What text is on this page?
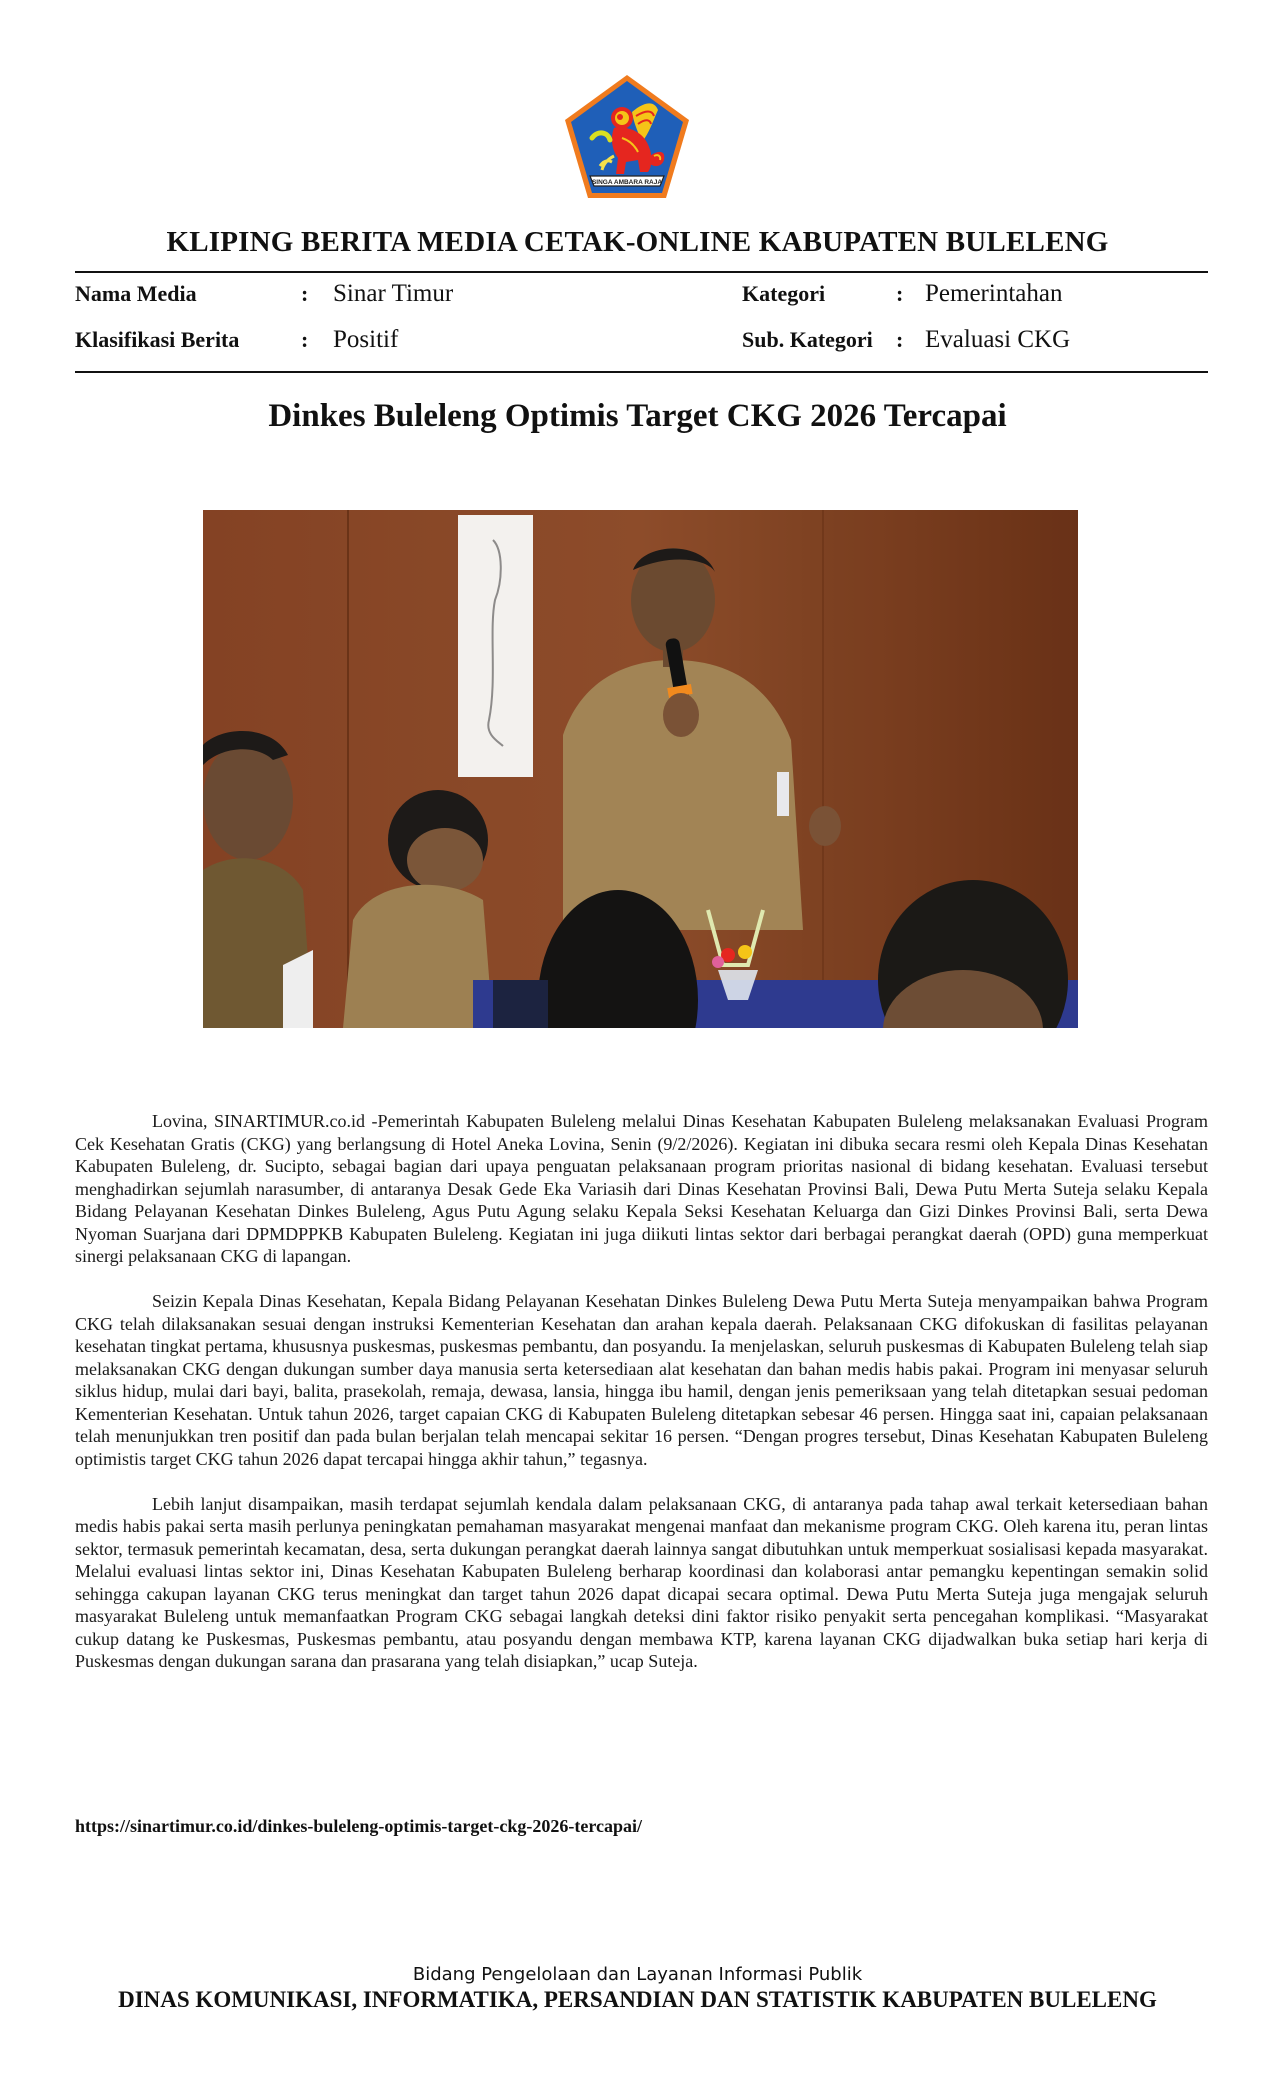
SINGA AMBARA RAJA
KLIPING BERITA MEDIA CETAK-ONLINE KABUPATEN BULELENG
Nama Media	: Sinar Timur
Klasifikasi Berita	: Positif
Kategori	: Pemerintahan
Sub. Kategori : Evaluasi CKG
Dinkes Buleleng Optimis Target CKG 2026 Tercapai

Lovina, SINARTIMUR.co.id -Pemerintah Kabupaten Buleleng melalui Dinas Kesehatan Kabupaten Buleleng melaksanakan Evaluasi Program Cek Kesehatan Gratis (CKG) yang berlangsung di Hotel Aneka Lovina, Senin (9/2/2026). Kegiatan ini dibuka secara resmi oleh Kepala Dinas Kesehatan Kabupaten Buleleng, dr. Sucipto, sebagai bagian dari upaya penguatan pelaksanaan program prioritas nasional di bidang kesehatan. Evaluasi tersebut menghadirkan sejumlah narasumber, di antaranya Desak Gede Eka Variasih dari Dinas Kesehatan Provinsi Bali, Dewa Putu Merta Suteja selaku Kepala Bidang Pelayanan Kesehatan Dinkes Buleleng, Agus Putu Agung selaku Kepala Seksi Kesehatan Keluarga dan Gizi Dinkes Provinsi Bali, serta Dewa Nyoman Suarjana dari DPMDPPKB Kabupaten Buleleng. Kegiatan ini juga diikuti lintas sektor dari berbagai perangkat daerah (OPD) guna memperkuat sinergi pelaksanaan CKG di lapangan.

Seizin Kepala Dinas Kesehatan, Kepala Bidang Pelayanan Kesehatan Dinkes Buleleng Dewa Putu Merta Suteja menyampaikan bahwa Program CKG telah dilaksanakan sesuai dengan instruksi Kementerian Kesehatan dan arahan kepala daerah. Pelaksanaan CKG difokuskan di fasilitas pelayanan kesehatan tingkat pertama, khususnya puskesmas, puskesmas pembantu, dan posyandu. Ia menjelaskan, seluruh puskesmas di Kabupaten Buleleng telah siap melaksanakan CKG dengan dukungan sumber daya manusia serta ketersediaan alat kesehatan dan bahan medis habis pakai. Program ini menyasar seluruh siklus hidup, mulai dari bayi, balita, prasekolah, remaja, dewasa, lansia, hingga ibu hamil, dengan jenis pemeriksaan yang telah ditetapkan sesuai pedoman Kementerian Kesehatan. Untuk tahun 2026, target capaian CKG di Kabupaten Buleleng ditetapkan sebesar 46 persen. Hingga saat ini, capaian pelaksanaan telah menunjukkan tren positif dan pada bulan berjalan telah mencapai sekitar 16 persen. “Dengan progres tersebut, Dinas Kesehatan Kabupaten Buleleng optimistis target CKG tahun 2026 dapat tercapai hingga akhir tahun,” tegasnya.

Lebih lanjut disampaikan, masih terdapat sejumlah kendala dalam pelaksanaan CKG, di antaranya pada tahap awal terkait ketersediaan bahan medis habis pakai serta masih perlunya peningkatan pemahaman masyarakat mengenai manfaat dan mekanisme program CKG. Oleh karena itu, peran lintas sektor, termasuk pemerintah kecamatan, desa, serta dukungan perangkat daerah lainnya sangat dibutuhkan untuk memperkuat sosialisasi kepada masyarakat. Melalui evaluasi lintas sektor ini, Dinas Kesehatan Kabupaten Buleleng berharap koordinasi dan kolaborasi antar pemangku kepentingan semakin solid sehingga cakupan layanan CKG terus meningkat dan target tahun 2026 dapat dicapai secara optimal. Dewa Putu Merta Suteja juga mengajak seluruh masyarakat Buleleng untuk memanfaatkan Program CKG sebagai langkah deteksi dini faktor risiko penyakit serta pencegahan komplikasi. “Masyarakat cukup datang ke Puskesmas, Puskesmas pembantu, atau posyandu dengan membawa KTP, karena layanan CKG dijadwalkan buka setiap hari kerja di Puskesmas dengan dukungan sarana dan prasarana yang telah disiapkan,” ucap Suteja.

https://sinartimur.co.id/dinkes-buleleng-optimis-target-ckg-2026-tercapai/
Bidang Pengelolaan dan Layanan Informasi Publik
DINAS KOMUNIKASI, INFORMATIKA, PERSANDIAN DAN STATISTIK KABUPATEN BULELENG
